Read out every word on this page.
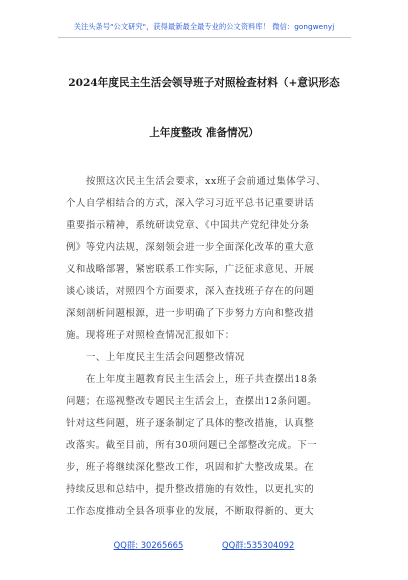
关注头条号"公文研究"，获得最新最全最专业的公文资料库！ 微信：gongwenyj
2024年度民主生活会领导班子对照检查材料（+意识形态
上年度整改 准备情况）
按照这次民主生活会要求，xx班子会前通过集体学习、
个人自学相结合的方式，深入学习习近平总书记重要讲话
重要指示精神，系统研读党章、《中国共产党纪律处分条
例》等党内法规，深刻领会进一步全面深化改革的重大意
义和战略部署，紧密联系工作实际，广泛征求意见、开展
谈心谈话，对照四个方面要求，深入查找班子存在的问题
深刻剖析问题根源，进一步明确了下步努力方向和整改措
施。现将班子对照检查情况汇报如下：
一、上年度民主生活会问题整改情况
在上年度主题教育民主生活会上，班子共查摆出18条
问题；在巡视整改专题民主生活会上，查摆出12条问题。
针对这些问题，班子逐条制定了具体的整改措施，认真整
改落实。截至目前，所有30项问题已全部整改完成。下一
步，班子将继续深化整改工作，巩固和扩大整改成果。在
持续反思和总结中，提升整改措施的有效性，以更扎实的
工作态度推动全县各项事业的发展，不断取得新的、更大
QQ群: 30265665	QQ群:535304092
